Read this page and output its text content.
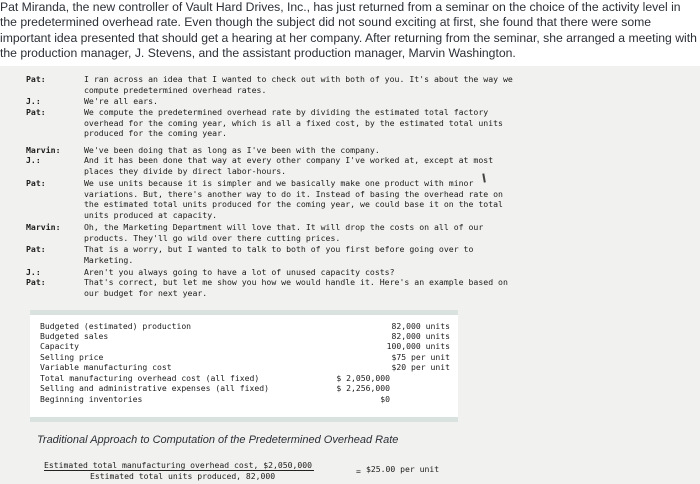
Pat Miranda, the new controller of Vault Hard Drives, Inc., has just returned from a seminar on the choice of the activity level in the predetermined overhead rate. Even though the subject did not sound exciting at first, she found that there were some important idea presented that should get a hearing at her company. After returning from the seminar, she arranged a meeting with the production manager, J. Stevens, and the assistant production manager, Marvin Washington.
Pat:	I ran across an idea that I wanted to check out with both of you. It's about the way we
compute predetermined overhead rates.
J.:	We're all ears.
Pat:	We compute the predetermined overhead rate by dividing the estimated total factory
overhead for the coming year, which is all a fixed cost, by the estimated total units
produced for the coming year.
Marvin:	We've been doing that as long as I've been with the company.
J.:	And it has been done that way at every other company I've worked at, except at most
places they divide by direct labor-hours.
Pat:	We use units because it is simpler and we basically make one product with minor
variations. But, there's another way to do it. Instead of basing the overhead rate on
the estimated total units produced for the coming year, we could base it on the total
units produced at capacity.
Marvin:	Oh, the Marketing Department will love that. It will drop the costs on all of our
products. They'll go wild over there cutting prices.
Pat:	That is a worry, but I wanted to talk to both of you first before going over to
Marketing.
J.:	Aren't you always going to have a lot of unused capacity costs?
Pat:	That's correct, but let me show you how we would handle it. Here's an example based on
our budget for next year.
Budgeted (estimated) production	82,000 units
Budgeted sales	82,000 units
Capacity	100,000 units
Selling price	$75 per unit
Variable manufacturing cost	$20 per unit
Total manufacturing overhead cost (all fixed)	$ 2,050,000
Selling and administrative expenses (all fixed)	$ 2,256,000
Beginning inventories	$0
Traditional Approach to Computation of the Predetermined Overhead Rate
Estimated total manufacturing overhead cost, $2,050,000
Estimated total units produced, 82,000	= $25.00 per unit
